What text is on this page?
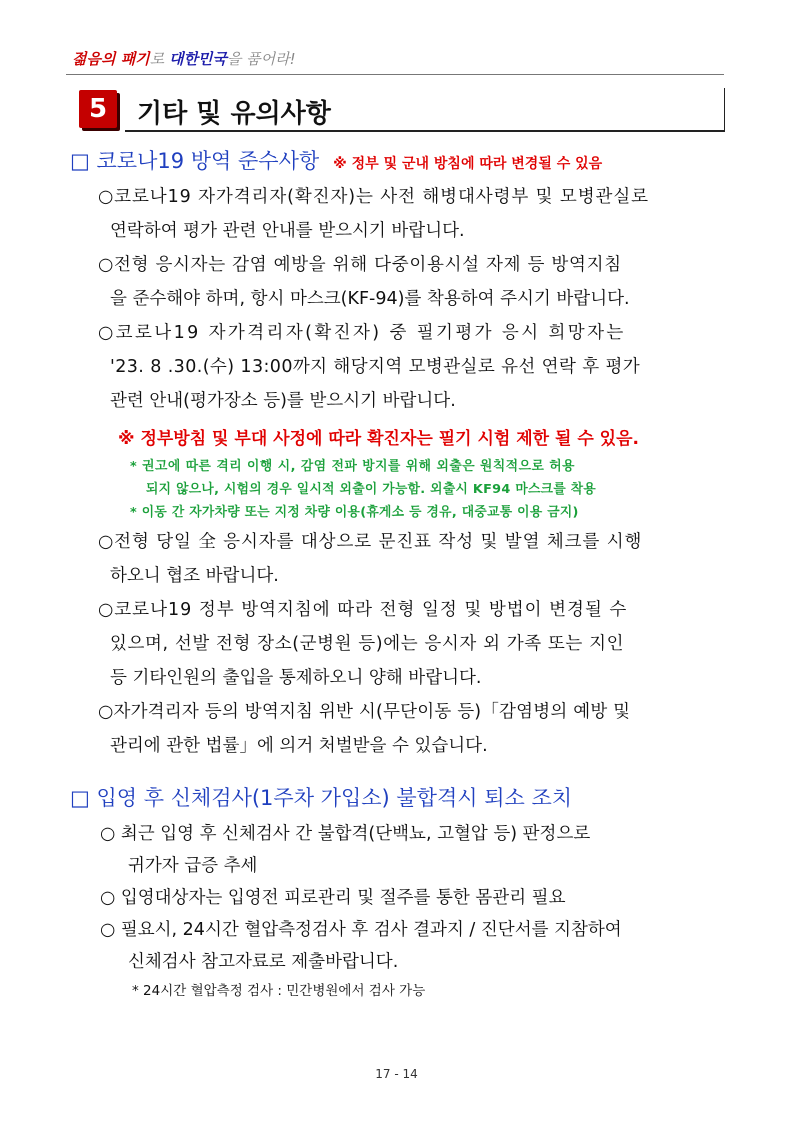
젊음의 패기로 대한민국을 품어라!
5	기타 및 유의사항
□ 코로나19 방역 준수사항 ※ 정부 및 군내 방침에 따라 변경될 수 있음
○코로나19 자가격리자(확진자)는 사전 해병대사령부 및 모병관실로
연락하여 평가 관련 안내를 받으시기 바랍니다.
○전형 응시자는 감염 예방을 위해 다중이용시설 자제 등 방역지침
을 준수해야 하며, 항시 마스크(KF-94)를 착용하여 주시기 바랍니다.
○코로나19 자가격리자(확진자) 중 필기평가 응시 희망자는
'23. 8 .30.(수) 13:00까지 해당지역 모병관실로 유선 연락 후 평가
관련 안내(평가장소 등)를 받으시기 바랍니다.
※ 정부방침 및 부대 사정에 따라 확진자는 필기 시험 제한 될 수 있음.
* 권고에 따른 격리 이행 시, 감염 전파 방지를 위해 외출은 원칙적으로 허용
되지 않으나, 시험의 경우 일시적 외출이 가능함. 외출시 KF94 마스크를 착용
* 이동 간 자가차량 또는 지정 차량 이용(휴게소 등 경유, 대중교통 이용 금지)
○전형 당일 全 응시자를 대상으로 문진표 작성 및 발열 체크를 시행
하오니 협조 바랍니다.
○코로나19 정부 방역지침에 따라 전형 일정 및 방법이 변경될 수
있으며, 선발 전형 장소(군병원 등)에는 응시자 외 가족 또는 지인
등 기타인원의 출입을 통제하오니 양해 바랍니다.
○자가격리자 등의 방역지침 위반 시(무단이동 등)「감염병의 예방 및
관리에 관한 법률」에 의거 처벌받을 수 있습니다.
□ 입영 후 신체검사(1주차 가입소) 불합격시 퇴소 조치
○ 최근 입영 후 신체검사 간 불합격(단백뇨, 고혈압 등) 판정으로
귀가자 급증 추세
○ 입영대상자는 입영전 피로관리 및 절주를 통한 몸관리 필요
○ 필요시, 24시간 혈압측정검사 후 검사 결과지 / 진단서를 지참하여
신체검사 참고자료로 제출바랍니다.
* 24시간 혈압측정 검사 : 민간병원에서 검사 가능
17 - 14
